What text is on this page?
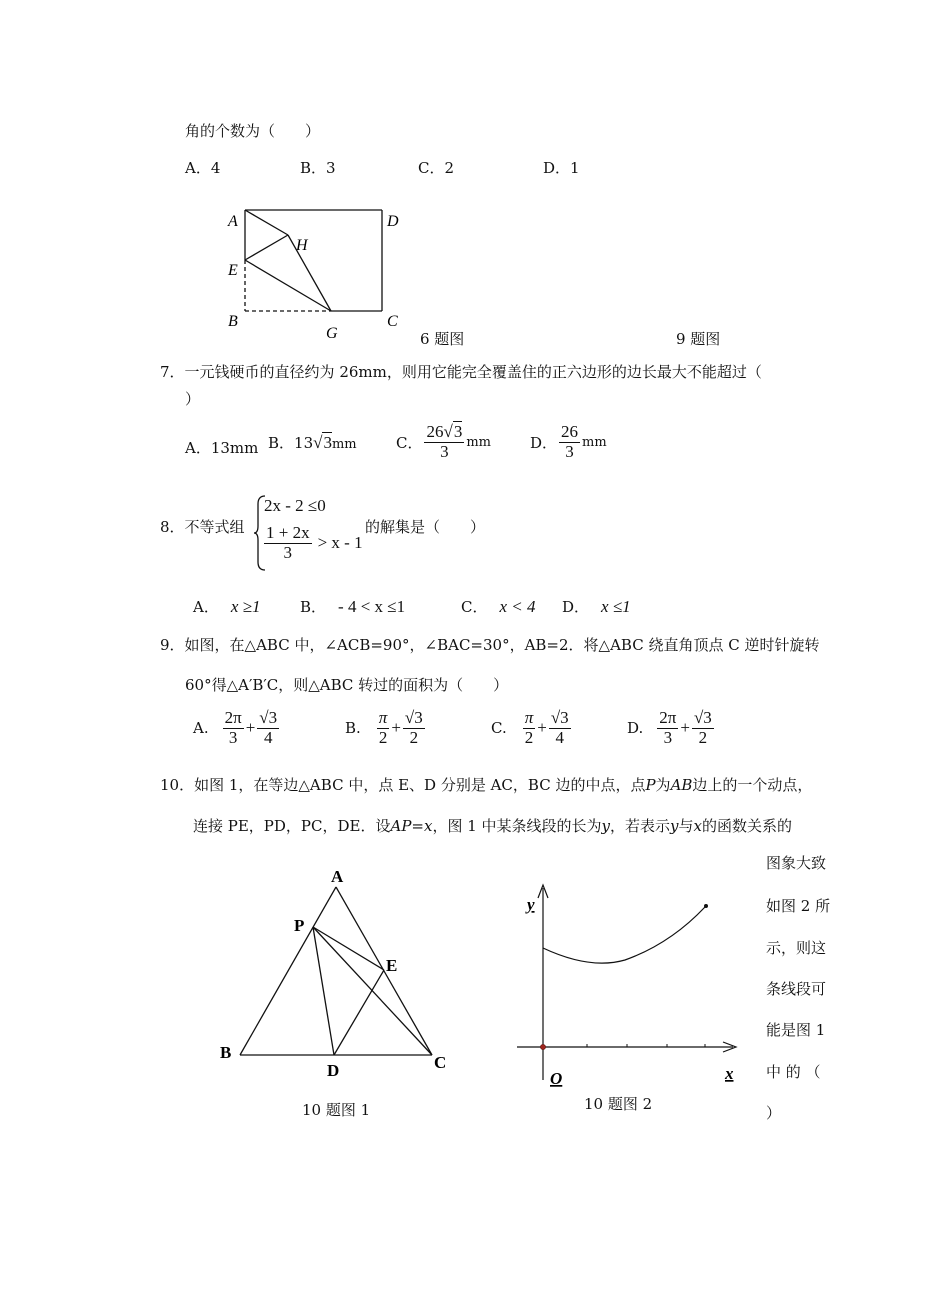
角的个数为（　　）
A．4	B．3	C．2	D．1
A	D
H
E
B
G
C
6 题图	9 题图
7．一元钱硬币的直径约为 26mm，则用它能完全覆盖住的正六边形的边长最大不能超过（
）
A．13mm B．13√3mm	C． $\frac{26√3}{3}$ mm	D． $\frac{26}{3}$ mm
8．不等式组
2x - 2 ≤0
$\frac{1 + 2x}{3} > x - 1$
的解集是（　　）
A． x ≥1	B． - 4 < x ≤1	C． x < 4 D． x ≤1
9．如图，在△ABC 中，∠ACB=90°，∠BAC=30°，AB=2．将△ABC 绕直角顶点 C 逆时针旋转
60°得△A′B′C，则△ABC 转过的面积为（　　）
A. $\frac{2\pi}{3} + \frac{√3}{4}$	B. $\frac{\pi}{2} + \frac{√3}{2}$	C. $\frac{\pi}{2} + \frac{√3}{4}$	D. $\frac{2\pi}{3} + \frac{√3}{2}$
10．如图 1，在等边△ABC 中，点 E、D 分别是 AC，BC 边的中点，点P为AB边上的一个动点，
连接 PE，PD，PC，DE．设AP=x，图 1 中某条线段的长为y，若表示y与x的函数关系的
图象大致
如图 2 所
示，则这
条线段可
能是图 1
中 的 （
）
A
P
E
B
C
D
10 题图 1
y
x
O
10 题图 2
